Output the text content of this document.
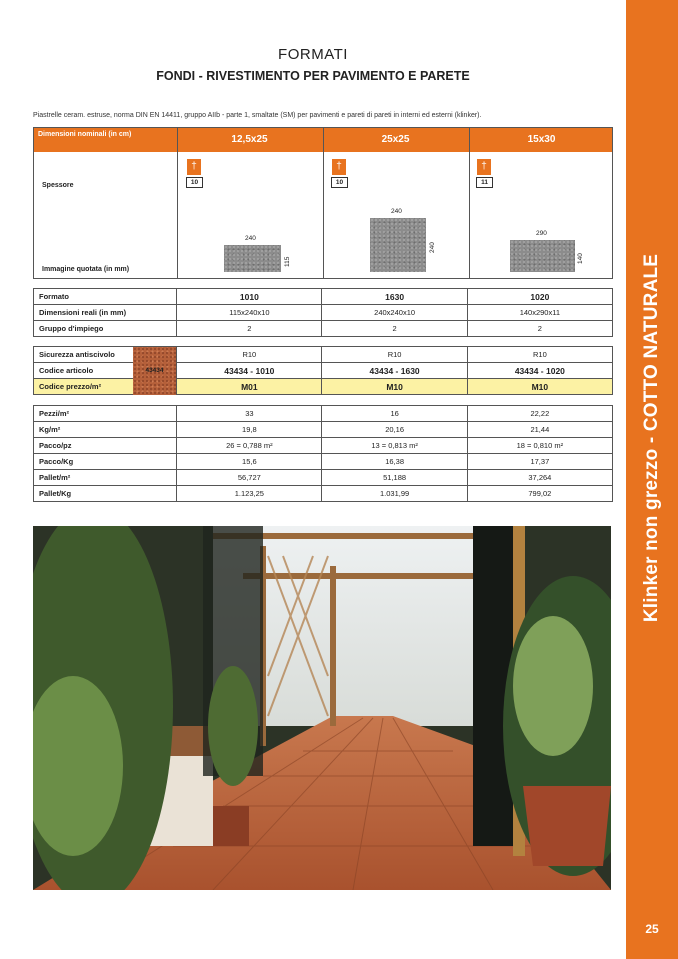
Klinker non grezzo - COTTO NATURALE
25
FORMATI
FONDI - RIVESTIMENTO PER PAVIMENTO E PARETE
Piastrelle ceram. estruse, norma DIN EN 14411, gruppo AIIb - parte 1, smaltate (SM) per pavimenti e pareti di pareti in interni ed esterni (klinker).
Dimensioni nominali (in cm)	12,5x25	25x25	15x30
Spessore
Immagine quotata (in mm)
†
10
†
10
†
11
240
115
240
240
290
140
Formato	1010	1630	1020
Dimensioni reali (in mm)	115x240x10	240x240x10	140x290x11
Gruppo d'impiego	2	2	2
Sicurezza antiscivolo	R10	R10	R10
Codice articolo	43434 - 1010	43434 - 1630	43434 - 1020
Codice prezzo/m²	M01	M10	M10
43434
Pezzi/m²	33	16	22,22
Kg/m²	19,8	20,16	21,44
Pacco/pz	26 = 0,788 m²	13 = 0,813 m²	18 = 0,810 m²
Pacco/Kg	15,6	16,38	17,37
Pallet/m²	56,727	51,188	37,264
Pallet/Kg	1.123,25	1.031,99	799,02
